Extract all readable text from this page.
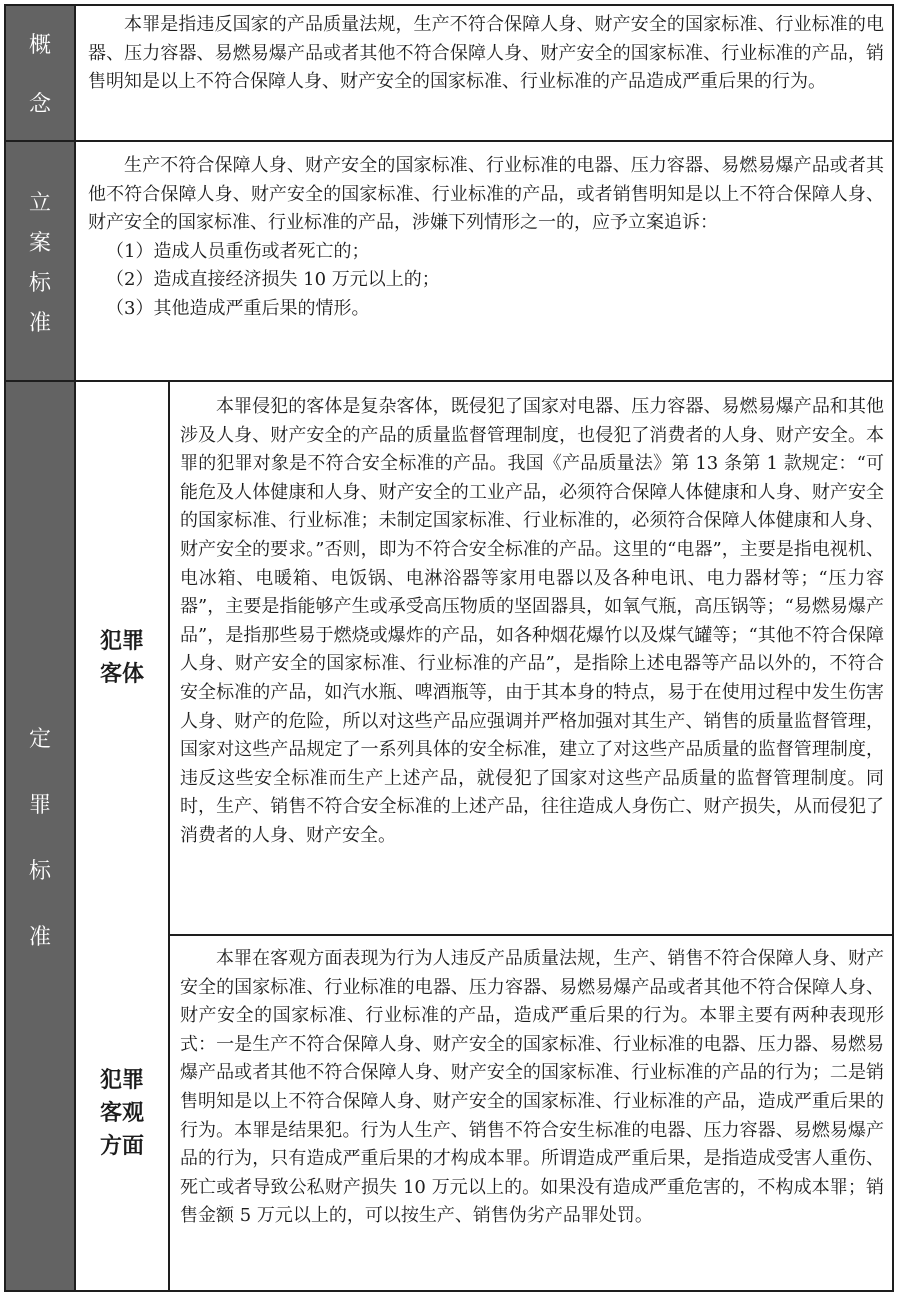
概
念
立
案
标
准
定
罪
标
准
犯罪
客体
犯罪
客观
方面

本罪是指违反国家的产品质量法规，生产不符合保障人身、财产安全的国家标准、行业标准的电器、压力容器、易燃易爆产品或者其他不符合保障人身、财产安全的国家标准、行业标准的产品，销售明知是以上不符合保障人身、财产安全的国家标准、行业标准的产品造成严重后果的行为。

生产不符合保障人身、财产安全的国家标准、行业标准的电器、压力容器、易燃易爆产品或者其他不符合保障人身、财产安全的国家标准、行业标准的产品，或者销售明知是以上不符合保障人身、财产安全的国家标准、行业标准的产品，涉嫌下列情形之一的，应予立案追诉：
（1）造成人员重伤或者死亡的；
（2）造成直接经济损失 10 万元以上的；
（3）其他造成严重后果的情形。

本罪侵犯的客体是复杂客体，既侵犯了国家对电器、压力容器、易燃易爆产品和其他涉及人身、财产安全的产品的质量监督管理制度，也侵犯了消费者的人身、财产安全。本罪的犯罪对象是不符合安全标准的产品。我国《产品质量法》第 13 条第 1 款规定：“可能危及人体健康和人身、财产安全的工业产品，必须符合保障人体健康和人身、财产安全的国家标准、行业标准；未制定国家标准、行业标准的，必须符合保障人体健康和人身、财产安全的要求。”否则，即为不符合安全标准的产品。这里的“电器”，主要是指电视机、电冰箱、电暖箱、电饭锅、电淋浴器等家用电器以及各种电讯、电力器材等；“压力容器”，主要是指能够产生或承受高压物质的坚固器具，如氧气瓶，高压锅等；“易燃易爆产品”，是指那些易于燃烧或爆炸的产品，如各种烟花爆竹以及煤气罐等；“其他不符合保障人身、财产安全的国家标准、行业标准的产品”，是指除上述电器等产品以外的，不符合安全标准的产品，如汽水瓶、啤酒瓶等，由于其本身的特点，易于在使用过程中发生伤害人身、财产的危险，所以对这些产品应强调并严格加强对其生产、销售的质量监督管理，国家对这些产品规定了一系列具体的安全标准，建立了对这些产品质量的监督管理制度，违反这些安全标准而生产上述产品，就侵犯了国家对这些产品质量的监督管理制度。同时，生产、销售不符合安全标准的上述产品，往往造成人身伤亡、财产损失，从而侵犯了消费者的人身、财产安全。

本罪在客观方面表现为行为人违反产品质量法规，生产、销售不符合保障人身、财产安全的国家标准、行业标准的电器、压力容器、易燃易爆产品或者其他不符合保障人身、财产安全的国家标准、行业标准的产品，造成严重后果的行为。本罪主要有两种表现形式：一是生产不符合保障人身、财产安全的国家标准、行业标准的电器、压力器、易燃易爆产品或者其他不符合保障人身、财产安全的国家标准、行业标准的产品的行为；二是销售明知是以上不符合保障人身、财产安全的国家标准、行业标准的产品，造成严重后果的行为。本罪是结果犯。行为人生产、销售不符合安生标准的电器、压力容器、易燃易爆产品的行为，只有造成严重后果的才构成本罪。所谓造成严重后果，是指造成受害人重伤、死亡或者导致公私财产损失 10 万元以上的。如果没有造成严重危害的，不构成本罪；销售金额 5 万元以上的，可以按生产、销售伪劣产品罪处罚。
